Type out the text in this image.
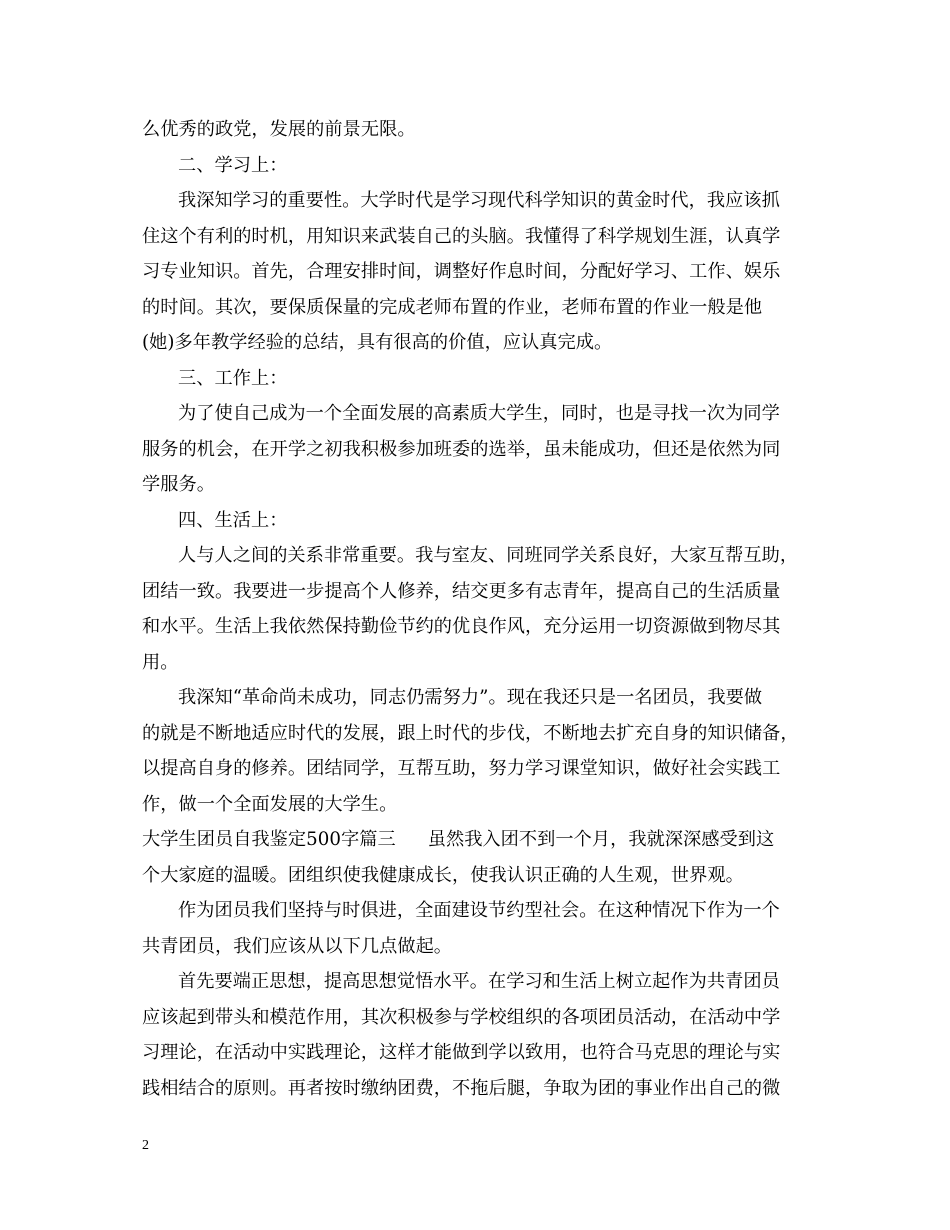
么优秀的政党，发展的前景无限。
二、学习上：
我深知学习的重要性。大学时代是学习现代科学知识的黄金时代，我应该抓
住这个有利的时机，用知识来武装自己的头脑。我懂得了科学规划生涯，认真学
习专业知识。首先，合理安排时间，调整好作息时间，分配好学习、工作、娱乐
的时间。其次，要保质保量的完成老师布置的作业，老师布置的作业一般是他
(她)多年教学经验的总结，具有很高的价值，应认真完成。
三、工作上：
为了使自己成为一个全面发展的高素质大学生，同时，也是寻找一次为同学
服务的机会，在开学之初我积极参加班委的选举，虽未能成功，但还是依然为同
学服务。
四、生活上：
人与人之间的关系非常重要。我与室友、同班同学关系良好，大家互帮互助，
团结一致。我要进一步提高个人修养，结交更多有志青年，提高自己的生活质量
和水平。生活上我依然保持勤俭节约的优良作风，充分运用一切资源做到物尽其
用。
我深知“革命尚未成功，同志仍需努力”。现在我还只是一名团员，我要做
的就是不断地适应时代的发展，跟上时代的步伐，不断地去扩充自身的知识储备，
以提高自身的修养。团结同学，互帮互助，努力学习课堂知识，做好社会实践工
作，做一个全面发展的大学生。
大学生团员自我鉴定500字篇三 虽然我入团不到一个月，我就深深感受到这
个大家庭的温暖。团组织使我健康成长，使我认识正确的人生观，世界观。
作为团员我们坚持与时俱进，全面建设节约型社会。在这种情况下作为一个
共青团员，我们应该从以下几点做起。
首先要端正思想，提高思想觉悟水平。在学习和生活上树立起作为共青团员
应该起到带头和模范作用，其次积极参与学校组织的各项团员活动，在活动中学
习理论，在活动中实践理论，这样才能做到学以致用，也符合马克思的理论与实
践相结合的原则。再者按时缴纳团费，不拖后腿，争取为团的事业作出自己的微
2
